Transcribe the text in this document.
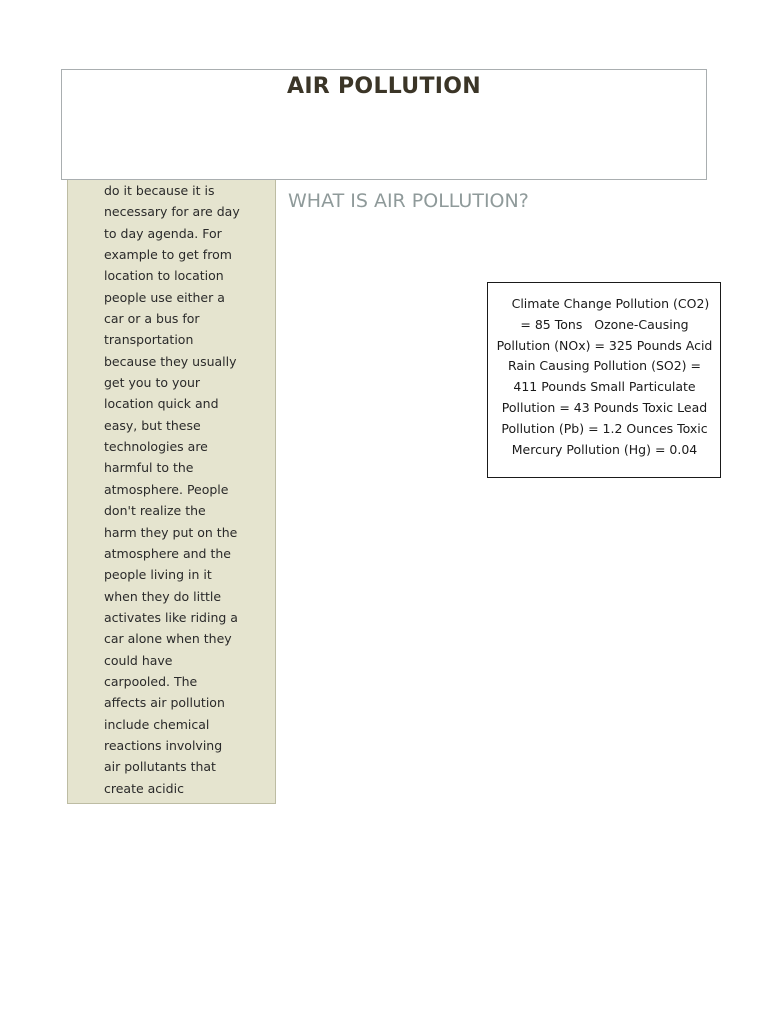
AIR POLLUTION

do it because it is necessary for are day to day agenda. For example to get from location to location people use either a car or a bus for transportation because they usually get you to your location quick and easy, but these technologies are harmful to the atmosphere. People don't realize the harm they put on the atmosphere and the people living in it when they do little activates like riding a car alone when they could have carpooled. The affects air pollution include chemical reactions involving air pollutants that create acidic

WHAT IS AIR POLLUTION?

Climate Change Pollution (CO2) = 85 Tons   Ozone-Causing Pollution (NOx) = 325 Pounds Acid Rain Causing Pollution (SO2) = 411 Pounds Small Particulate Pollution = 43 Pounds Toxic Lead Pollution (Pb) = 1.2 Ounces Toxic Mercury Pollution (Hg) = 0.04
